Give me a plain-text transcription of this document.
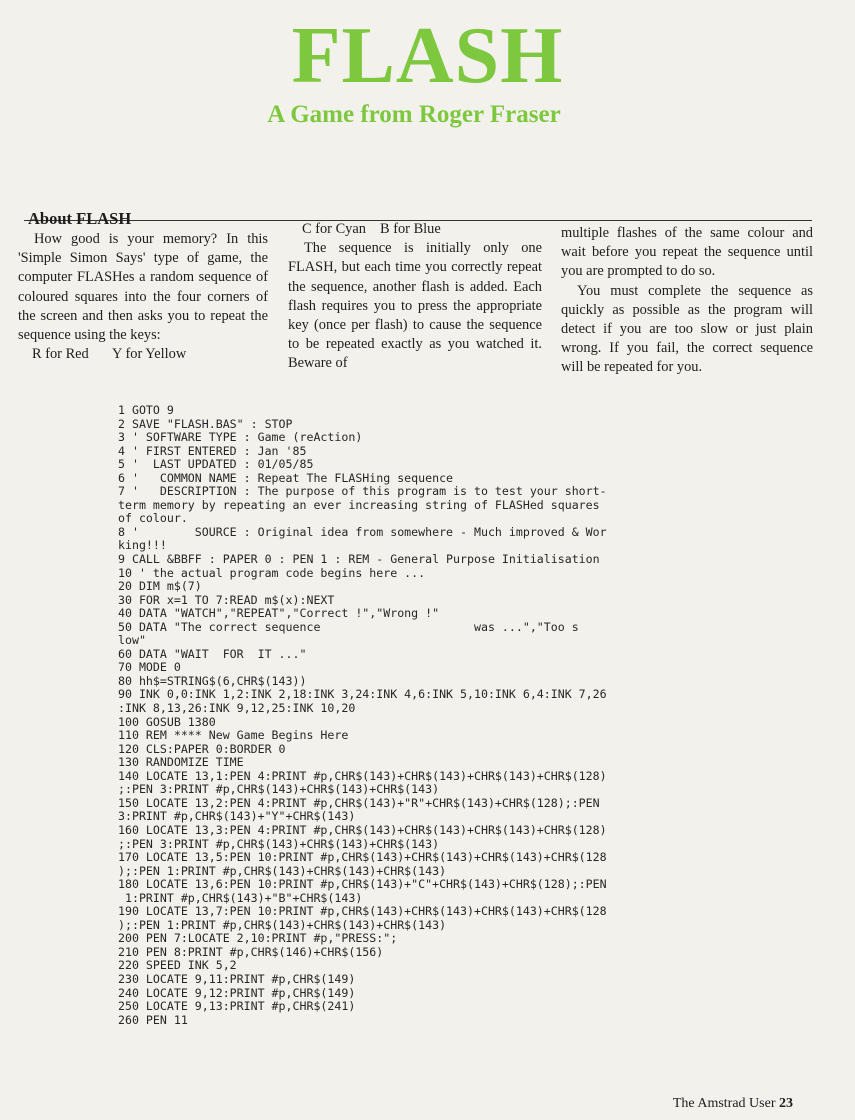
FLASH
A Game from Roger Fraser
About FLASH

How good is your memory? In this 'Simple Simon Says' type of game, the computer FLASHes a random sequence of coloured squares into the four corners of the screen and then asks you to repeat the sequence using the keys:

R for Red	Y for Yellow
C for Cyan B for Blue

The sequence is initially only one FLASH, but each time you correctly repeat the sequence, another flash is added. Each flash requires you to press the appropriate key (once per flash) to cause the sequence to be repeated exactly as you watched it. Beware of

multiple flashes of the same colour and wait before you repeat the sequence until you are prompted to do so.

You must complete the sequence as quickly as possible as the program will detect if you are too slow or just plain wrong. If you fail, the correct sequence will be repeated for you.

1 GOTO 9
2 SAVE "FLASH.BAS" : STOP
3 ' SOFTWARE TYPE : Game (reAction)
4 ' FIRST ENTERED : Jan '85
5 '  LAST UPDATED : 01/05/85
6 '   COMMON NAME : Repeat The FLASHing sequence
7 '   DESCRIPTION : The purpose of this program is to test your short-
term memory by repeating an ever increasing string of FLASHed squares
of colour.
8 '        SOURCE : Original idea from somewhere - Much improved & Wor
king!!!
9 CALL &BBFF : PAPER 0 : PEN 1 : REM - General Purpose Initialisation
10 ' the actual program code begins here ...
20 DIM m$(7)
30 FOR x=1 TO 7:READ m$(x):NEXT
40 DATA "WATCH","REPEAT","Correct !","Wrong !"
50 DATA "The correct sequence                      was ...","Too s
low"
60 DATA "WAIT  FOR  IT ..."
70 MODE 0
80 hh$=STRING$(6,CHR$(143))
90 INK 0,0:INK 1,2:INK 2,18:INK 3,24:INK 4,6:INK 5,10:INK 6,4:INK 7,26
:INK 8,13,26:INK 9,12,25:INK 10,20
100 GOSUB 1380
110 REM **** New Game Begins Here
120 CLS:PAPER 0:BORDER 0
130 RANDOMIZE TIME
140 LOCATE 13,1:PEN 4:PRINT #p,CHR$(143)+CHR$(143)+CHR$(143)+CHR$(128)
;:PEN 3:PRINT #p,CHR$(143)+CHR$(143)+CHR$(143)
150 LOCATE 13,2:PEN 4:PRINT #p,CHR$(143)+"R"+CHR$(143)+CHR$(128);:PEN
3:PRINT #p,CHR$(143)+"Y"+CHR$(143)
160 LOCATE 13,3:PEN 4:PRINT #p,CHR$(143)+CHR$(143)+CHR$(143)+CHR$(128)
;:PEN 3:PRINT #p,CHR$(143)+CHR$(143)+CHR$(143)
170 LOCATE 13,5:PEN 10:PRINT #p,CHR$(143)+CHR$(143)+CHR$(143)+CHR$(128
);:PEN 1:PRINT #p,CHR$(143)+CHR$(143)+CHR$(143)
180 LOCATE 13,6:PEN 10:PRINT #p,CHR$(143)+"C"+CHR$(143)+CHR$(128);:PEN
1:PRINT #p,CHR$(143)+"B"+CHR$(143)
190 LOCATE 13,7:PEN 10:PRINT #p,CHR$(143)+CHR$(143)+CHR$(143)+CHR$(128
);:PEN 1:PRINT #p,CHR$(143)+CHR$(143)+CHR$(143)
200 PEN 7:LOCATE 2,10:PRINT #p,"PRESS:";
210 PEN 8:PRINT #p,CHR$(146)+CHR$(156)
220 SPEED INK 5,2
230 LOCATE 9,11:PRINT #p,CHR$(149)
240 LOCATE 9,12:PRINT #p,CHR$(149)
250 LOCATE 9,13:PRINT #p,CHR$(241)
260 PEN 11
The Amstrad User 23
